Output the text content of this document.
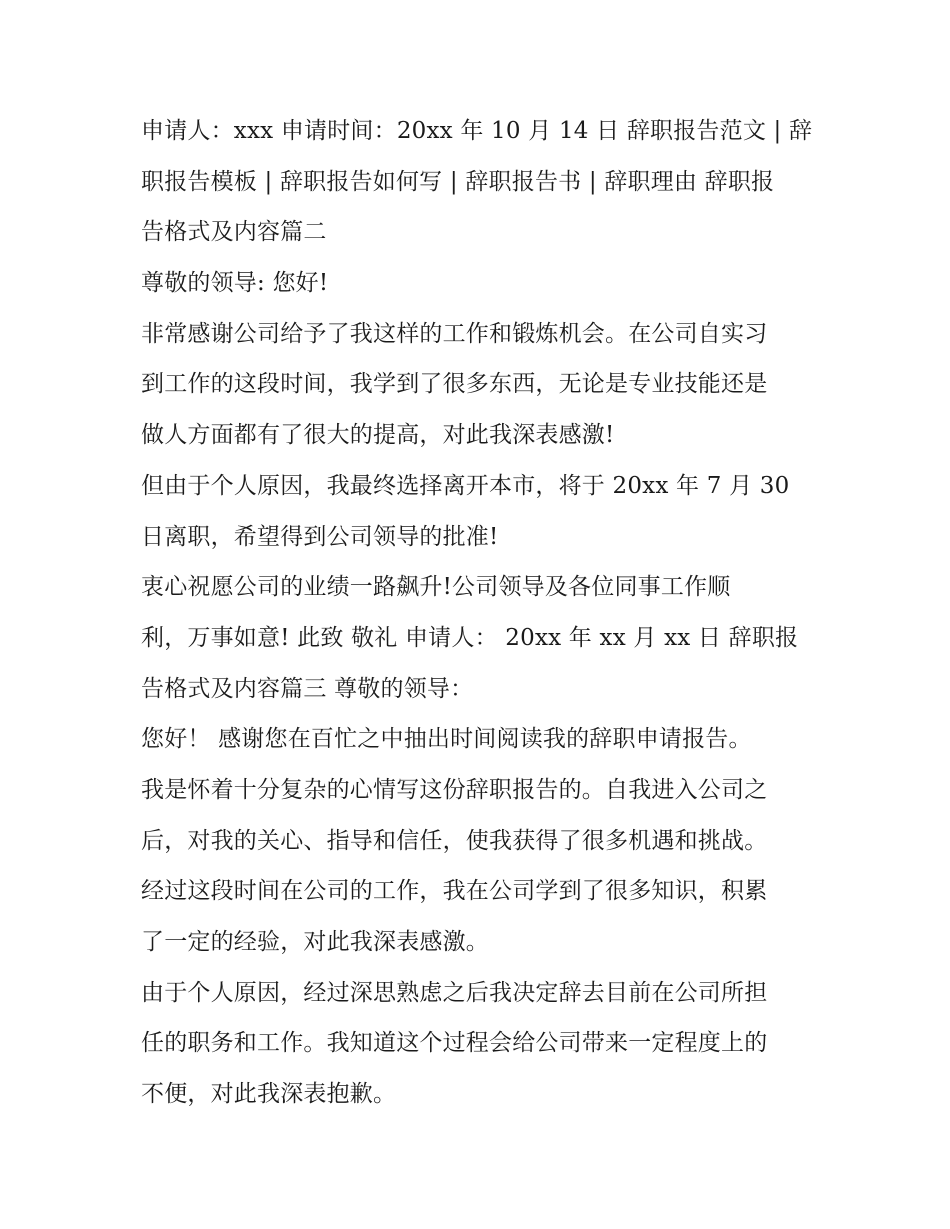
申请人：xxx 申请时间：20xx 年 10 月 14 日 辞职报告范文 | 辞
职报告模板 | 辞职报告如何写 | 辞职报告书 | 辞职理由 辞职报
告格式及内容篇二
尊敬的领导: 您好!
非常感谢公司给予了我这样的工作和锻炼机会。在公司自实习
到工作的这段时间，我学到了很多东西，无论是专业技能还是
做人方面都有了很大的提高，对此我深表感激!
但由于个人原因，我最终选择离开本市，将于 20xx 年 7 月 30
日离职，希望得到公司领导的批准!
衷心祝愿公司的业绩一路飙升!公司领导及各位同事工作顺
利，万事如意! 此致 敬礼 申请人： 20xx 年 xx 月 xx 日 辞职报
告格式及内容篇三 尊敬的领导：
您好！ 感谢您在百忙之中抽出时间阅读我的辞职申请报告。
我是怀着十分复杂的心情写这份辞职报告的。自我进入公司之
后，对我的关心、指导和信任，使我获得了很多机遇和挑战。
经过这段时间在公司的工作，我在公司学到了很多知识，积累
了一定的经验，对此我深表感激。
由于个人原因，经过深思熟虑之后我决定辞去目前在公司所担
任的职务和工作。我知道这个过程会给公司带来一定程度上的
不便，对此我深表抱歉。
